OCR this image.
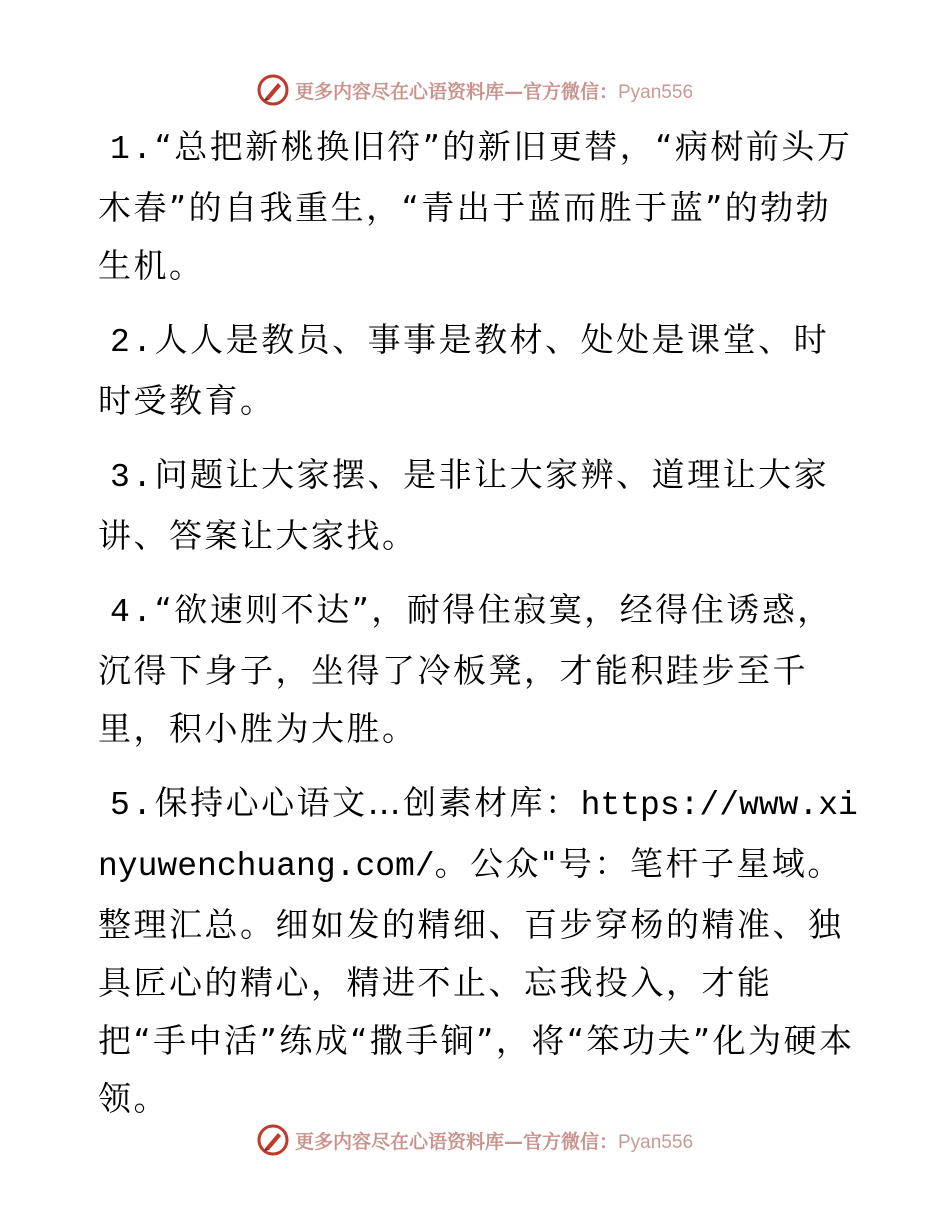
更多内容尽在心语资料库—官方微信：Pyan556

1.“总把新桃换旧符”的新旧更替，“病树前头万木春”的自我重生，“青出于蓝而胜于蓝”的勃勃生机。

2.人人是教员、事事是教材、处处是课堂、时时受教育。

3.问题让大家摆、是非让大家辨、道理让大家讲、答案让大家找。

4.“欲速则不达”，耐得住寂寞，经得住诱惑，沉得下身子，坐得了冷板凳，才能积跬步至千里，积小胜为大胜。

5.保持心心语文…创素材库：https://www.xinyuwenchuang.com/。公众"号：笔杆子星域。整理汇总。细如发的精细、百步穿杨的精准、独具匠心的精心，精进不止、忘我投入，才能把“手中活”练成“撒手锏”，将“笨功夫”化为硬本领。

更多内容尽在心语资料库—官方微信：Pyan556
